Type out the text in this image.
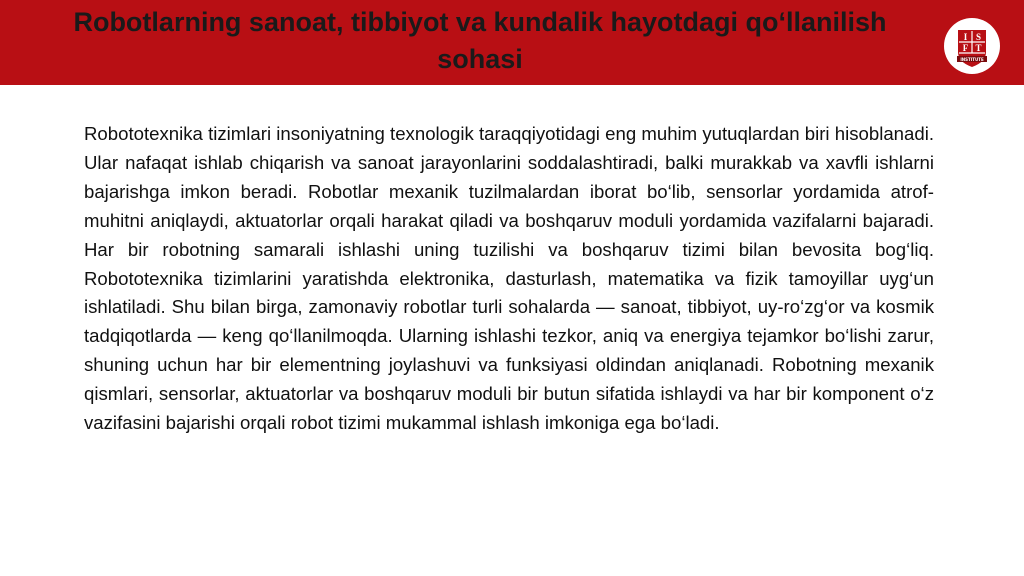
Robotlarning sanoat, tibbiyot va kundalik hayotdagi qo‘llanilish sohasi
I S
F T
INSTITUTE

Robototexnika tizimlari insoniyatning texnologik taraqqiyotidagi eng muhim yutuqlardan biri hisoblanadi. Ular nafaqat ishlab chiqarish va sanoat jarayonlarini soddalashtiradi, balki murakkab va xavfli ishlarni bajarishga imkon beradi. Robotlar mexanik tuzilmalardan iborat bo‘lib, sensorlar yordamida atrof-muhitni aniqlaydi, aktuatorlar orqali harakat qiladi va boshqaruv moduli yordamida vazifalarni bajaradi. Har bir robotning samarali ishlashi uning tuzilishi va boshqaruv tizimi bilan bevosita bog‘liq. Robototexnika tizimlarini yaratishda elektronika, dasturlash, matematika va fizik tamoyillar uyg‘un ishlatiladi. Shu bilan birga, zamonaviy robotlar turli sohalarda — sanoat, tibbiyot, uy-ro‘zg‘or va kosmik tadqiqotlarda — keng qo‘llanilmoqda. Ularning ishlashi tezkor, aniq va energiya tejamkor bo‘lishi zarur, shuning uchun har bir elementning joylashuvi va funksiyasi oldindan aniqlanadi. Robotning mexanik qismlari, sensorlar, aktuatorlar va boshqaruv moduli bir butun sifatida ishlaydi va har bir komponent o‘z vazifasini bajarishi orqali robot tizimi mukammal ishlash imkoniga ega bo‘ladi.
